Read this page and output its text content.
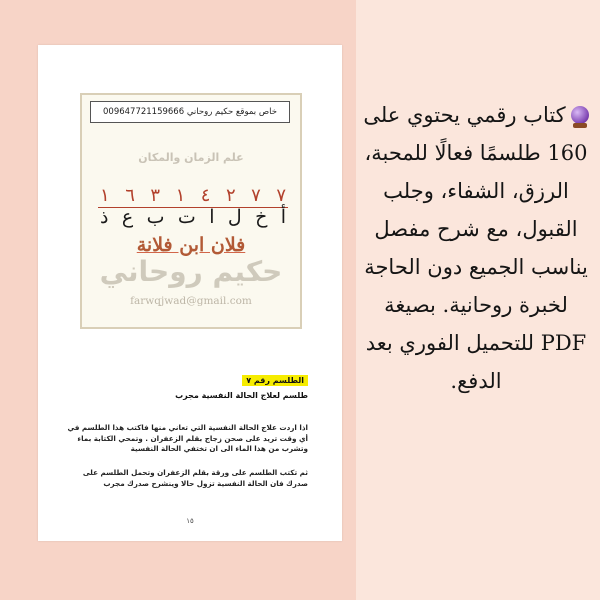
خاص بموقع حكيم روحاني 009647721159666
علم الزمان والمكان
٧
٧
٢
٤
١
٣
٦
١
أ
خ
ل
ا
ت
ب
ع
ذ
فلان ابن فلانة
حكيم روحاني
farwqjwad@gmail.com
الطلسم رقم ٧
طلسم لعلاج الحالة النفسية مجرب
اذا اردت علاج الحالة النفسية التي تعاني منها فاكتب هذا الطلسم في أي وقت تريد على صحن زجاج بقلم الزعفران . وتمحي الكتابة بماء وتشرب من هذا الماء الى ان تختفي الحالة النفسية
ثم تكتب الطلسم على ورقة بقلم الزعفران وتحمل الطلسم على صدرك فان الحالة النفسية تزول حالا وينشرح صدرك مجرب
١٥
كتاب رقمي يحتوي على 160 طلسمًا فعالًا للمحبة، الرزق، الشفاء، وجلب القبول، مع شرح مفصل يناسب الجميع دون الحاجة لخبرة روحانية. بصيغة PDF للتحميل الفوري بعد الدفع.
